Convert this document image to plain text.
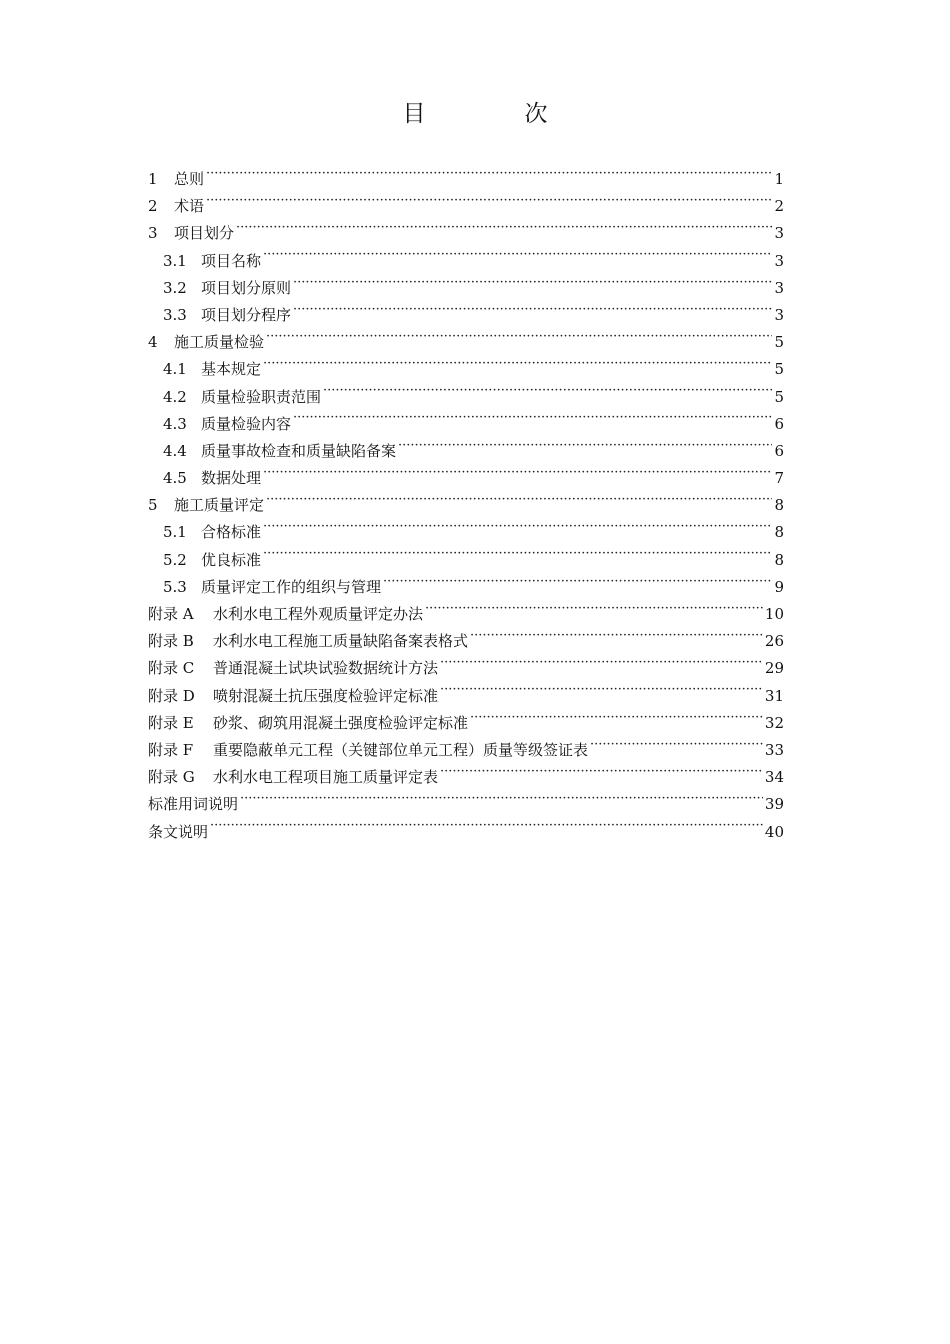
目　次
1	总则 ·····	1
2	术语 ·····	2
3	项目划分 ·····	3
3.1 项目名称 ·····	3
3.2 项目划分原则 ·····	3
3.3 项目划分程序 ·····	3
4	施工质量检验 ·····	5
4.1 基本规定 ·····	5
4.2 质量检验职责范围 ·····	5
4.3 质量检验内容 ·····	6
4.4 质量事故检查和质量缺陷备案 ·····	6
4.5 数据处理 ·····	7
5	施工质量评定 ·····	8
5.1 合格标准 ·····	8
5.2 优良标准 ·····	8
5.3 质量评定工作的组织与管理 ·····	9
附录 A	水利水电工程外观质量评定办法 ·····	10
附录 B	水利水电工程施工质量缺陷备案表格式 ·····	26
附录 C	普通混凝土试块试验数据统计方法 ·····	29
附录 D	喷射混凝土抗压强度检验评定标准 ·····	31
附录 E	砂浆、砌筑用混凝土强度检验评定标准 ·····	32
附录 F	重要隐蔽单元工程（关键部位单元工程）质量等级签证表 ·····	33
附录 G	水利水电工程项目施工质量评定表 ·····	34
标准用词说明 ·····	39
条文说明 ·····	40
